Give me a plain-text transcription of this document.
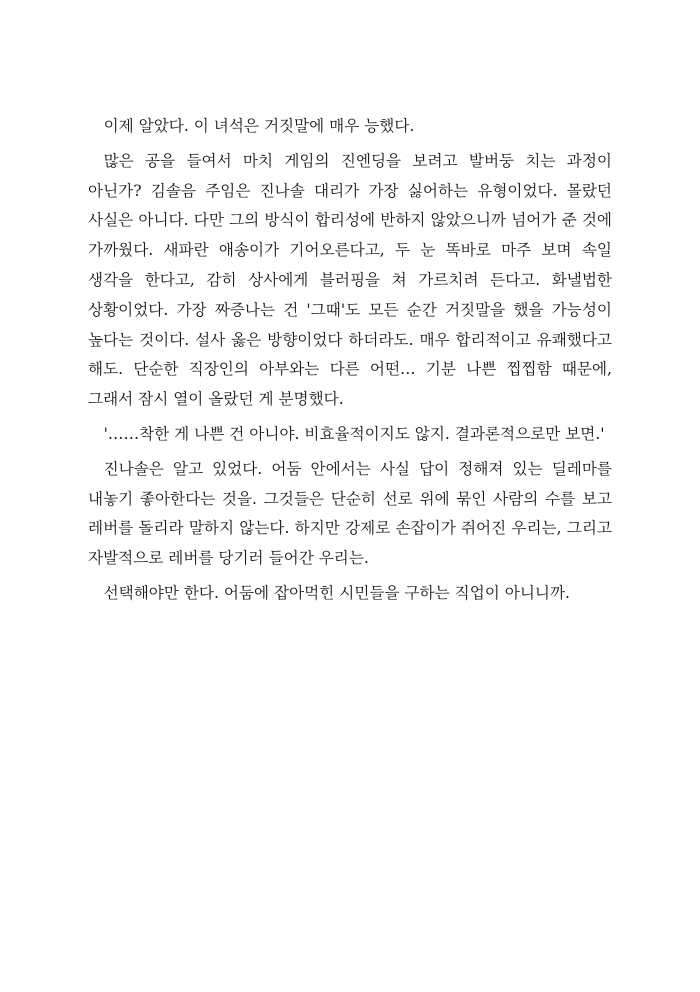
이제 알았다. 이 녀석은 거짓말에 매우 능했다.

많은 공을 들여서 마치 게임의 진엔딩을 보려고 발버둥 치는 과정이 아닌가? 김솔음 주임은 진나솔 대리가 가장 싫어하는 유형이었다. 몰랐던 사실은 아니다. 다만 그의 방식이 합리성에 반하지 않았으니까 넘어가 준 것에 가까웠다. 새파란 애송이가 기어오른다고, 두 눈 똑바로 마주 보며 속일 생각을 한다고, 감히 상사에게 블러핑을 쳐 가르치려 든다고. 화낼법한 상황이었다. 가장 짜증나는 건 '그때'도 모든 순간 거짓말을 했을 가능성이 높다는 것이다. 설사 옳은 방향이었다 하더라도. 매우 합리적이고 유쾌했다고 해도. 단순한 직장인의 아부와는 다른 어떤… 기분 나쁜 찝찝함 때문에, 그래서 잠시 열이 올랐던 게 분명했다.

'……착한 게 나쁜 건 아니야. 비효율적이지도 않지. 결과론적으로만 보면.'

진나솔은 알고 있었다. 어둠 안에서는 사실 답이 정해져 있는 딜레마를 내놓기 좋아한다는 것을. 그것들은 단순히 선로 위에 묶인 사람의 수를 보고 레버를 돌리라 말하지 않는다. 하지만 강제로 손잡이가 쥐어진 우리는, 그리고 자발적으로 레버를 당기러 들어간 우리는.

선택해야만 한다. 어둠에 잡아먹힌 시민들을 구하는 직업이 아니니까.
